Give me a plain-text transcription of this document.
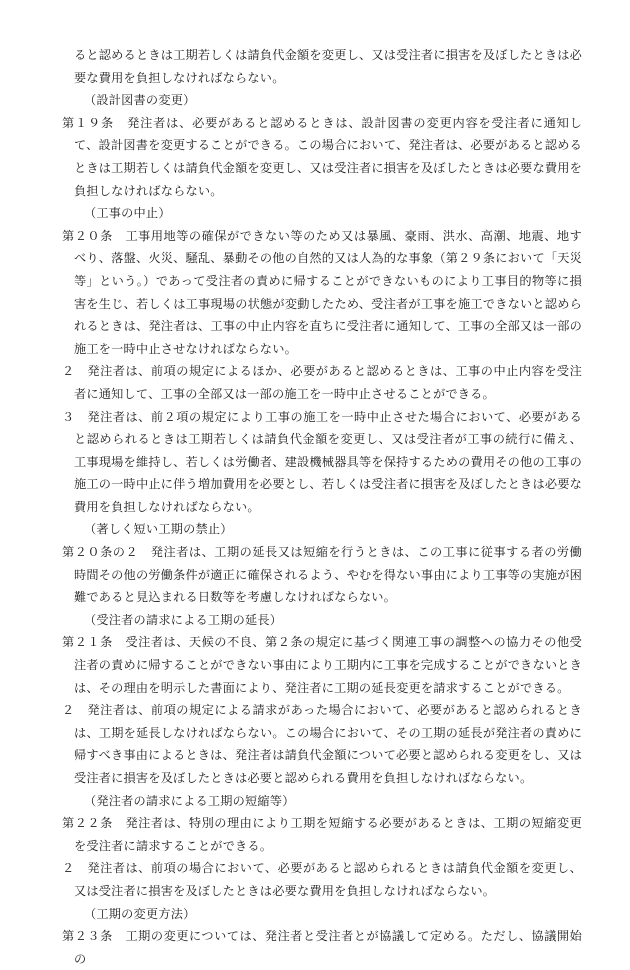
ると認めるときは工期若しくは請負代金額を変更し、又は受注者に損害を及ぼしたときは必要な費用を負担しなければならない。

（設計図書の変更）

第１９条　発注者は、必要があると認めるときは、設計図書の変更内容を受注者に通知して、設計図書を変更することができる。この場合において、発注者は、必要があると認めるときは工期若しくは請負代金額を変更し、又は受注者に損害を及ぼしたときは必要な費用を負担しなければならない。

（工事の中止）

第２０条　工事用地等の確保ができない等のため又は暴風、豪雨、洪水、高潮、地震、地すべり、落盤、火災、騒乱、暴動その他の自然的又は人為的な事象（第２９条において「天災等」という。）であって受注者の責めに帰することができないものにより工事目的物等に損害を生じ、若しくは工事現場の状態が変動したため、受注者が工事を施工できないと認められるときは、発注者は、工事の中止内容を直ちに受注者に通知して、工事の全部又は一部の施工を一時中止させなければならない。

２　発注者は、前項の規定によるほか、必要があると認めるときは、工事の中止内容を受注者に通知して、工事の全部又は一部の施工を一時中止させることができる。

３　発注者は、前２項の規定により工事の施工を一時中止させた場合において、必要があると認められるときは工期若しくは請負代金額を変更し、又は受注者が工事の続行に備え、工事現場を維持し、若しくは労働者、建設機械器具等を保持するための費用その他の工事の施工の一時中止に伴う増加費用を必要とし、若しくは受注者に損害を及ぼしたときは必要な費用を負担しなければならない。

（著しく短い工期の禁止）

第２０条の２　発注者は、工期の延長又は短縮を行うときは、この工事に従事する者の労働時間その他の労働条件が適正に確保されるよう、やむを得ない事由により工事等の実施が困難であると見込まれる日数等を考慮しなければならない。

（受注者の請求による工期の延長）

第２１条　受注者は、天候の不良、第２条の規定に基づく関連工事の調整への協力その他受注者の責めに帰することができない事由により工期内に工事を完成することができないときは、その理由を明示した書面により、発注者に工期の延長変更を請求することができる。

２　発注者は、前項の規定による請求があった場合において、必要があると認められるときは、工期を延長しなければならない。この場合において、その工期の延長が発注者の責めに帰すべき事由によるときは、発注者は請負代金額について必要と認められる変更をし、又は受注者に損害を及ぼしたときは必要と認められる費用を負担しなければならない。

（発注者の請求による工期の短縮等）

第２２条　発注者は、特別の理由により工期を短縮する必要があるときは、工期の短縮変更を受注者に請求することができる。

２　発注者は、前項の場合において、必要があると認められるときは請負代金額を変更し、又は受注者に損害を及ぼしたときは必要な費用を負担しなければならない。

（工期の変更方法）

第２３条　工期の変更については、発注者と受注者とが協議して定める。ただし、協議開始の
